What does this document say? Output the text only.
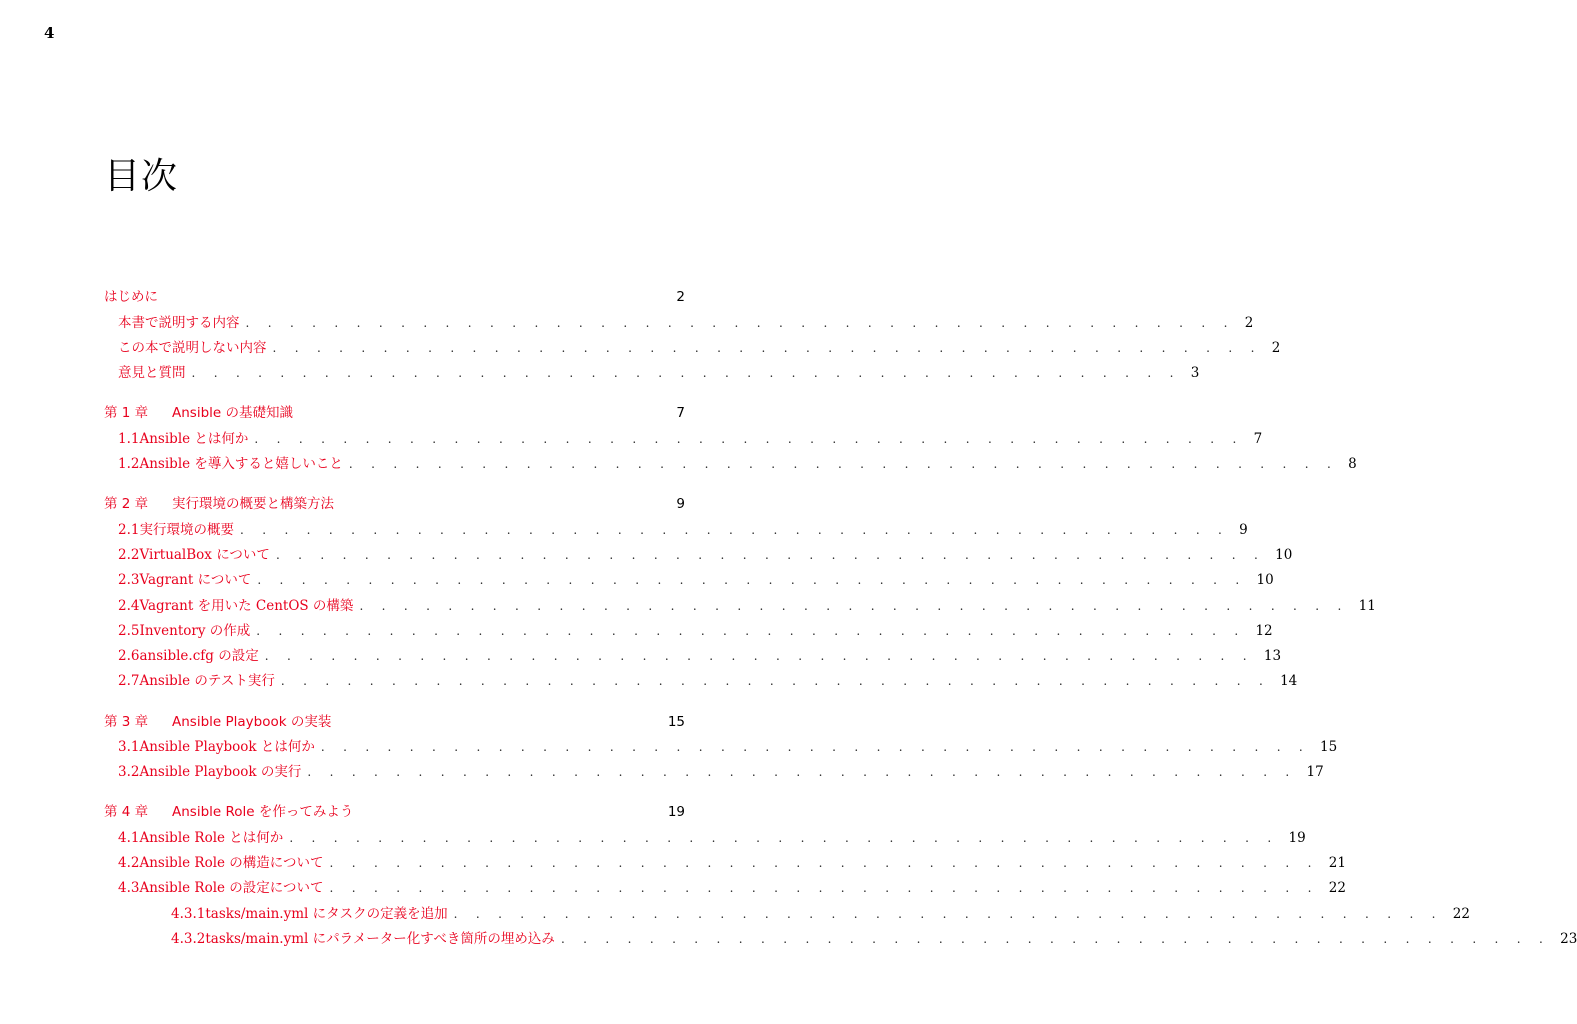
4
目次
はじめに	2
本書で説明する内容 . . . . . . . . . . . . . . . . . . . . . . . . . . . . . . . . . . . . . . . . . . . . . 2
この本で説明しない内容 . . . . . . . . . . . . . . . . . . . . . . . . . . . . . . . . . . . . . . . . . . . . . 2
意見と質問 . . . . . . . . . . . . . . . . . . . . . . . . . . . . . . . . . . . . . . . . . . . . . 3
第 1 章	Ansible の基礎知識	7
1.1 Ansible とは何か . . . . . . . . . . . . . . . . . . . . . . . . . . . . . . . . . . . . . . . . . . . . . 7
1.2 Ansible を導入すると嬉しいこと . . . . . . . . . . . . . . . . . . . . . . . . . . . . . . . . . . . . . . . . . . . . . 8
第 2 章	実行環境の概要と構築方法	9
2.1 実行環境の概要 . . . . . . . . . . . . . . . . . . . . . . . . . . . . . . . . . . . . . . . . . . . . . 9
2.2 VirtualBox について . . . . . . . . . . . . . . . . . . . . . . . . . . . . . . . . . . . . . . . . . . . . . 10
2.3 Vagrant について . . . . . . . . . . . . . . . . . . . . . . . . . . . . . . . . . . . . . . . . . . . . . 10
2.4 Vagrant を用いた CentOS の構築 . . . . . . . . . . . . . . . . . . . . . . . . . . . . . . . . . . . . . . . . . . . . . 11
2.5 Inventory の作成 . . . . . . . . . . . . . . . . . . . . . . . . . . . . . . . . . . . . . . . . . . . . . 12
2.6 ansible.cfg の設定 . . . . . . . . . . . . . . . . . . . . . . . . . . . . . . . . . . . . . . . . . . . . . 13
2.7 Ansible のテスト実行 . . . . . . . . . . . . . . . . . . . . . . . . . . . . . . . . . . . . . . . . . . . . . 14
第 3 章	Ansible Playbook の実装	15
3.1 Ansible Playbook とは何か . . . . . . . . . . . . . . . . . . . . . . . . . . . . . . . . . . . . . . . . . . . . . 15
3.2 Ansible Playbook の実行 . . . . . . . . . . . . . . . . . . . . . . . . . . . . . . . . . . . . . . . . . . . . . 17
第 4 章	Ansible Role を作ってみよう	19
4.1 Ansible Role とは何か . . . . . . . . . . . . . . . . . . . . . . . . . . . . . . . . . . . . . . . . . . . . . 19
4.2 Ansible Role の構造について . . . . . . . . . . . . . . . . . . . . . . . . . . . . . . . . . . . . . . . . . . . . . 21
4.3 Ansible Role の設定について . . . . . . . . . . . . . . . . . . . . . . . . . . . . . . . . . . . . . . . . . . . . . 22
4.3.1 tasks/main.yml にタスクの定義を追加 . . . . . . . . . . . . . . . . . . . . . . . . . . . . . . . . . . . . . . . . . . . . . 22
4.3.2 tasks/main.yml にパラメーター化すべき箇所の埋め込み . . . . . . . . . . . . . . . . . . . . . . . . . . . . . . . . . . . . . . . . . . . . . 23
